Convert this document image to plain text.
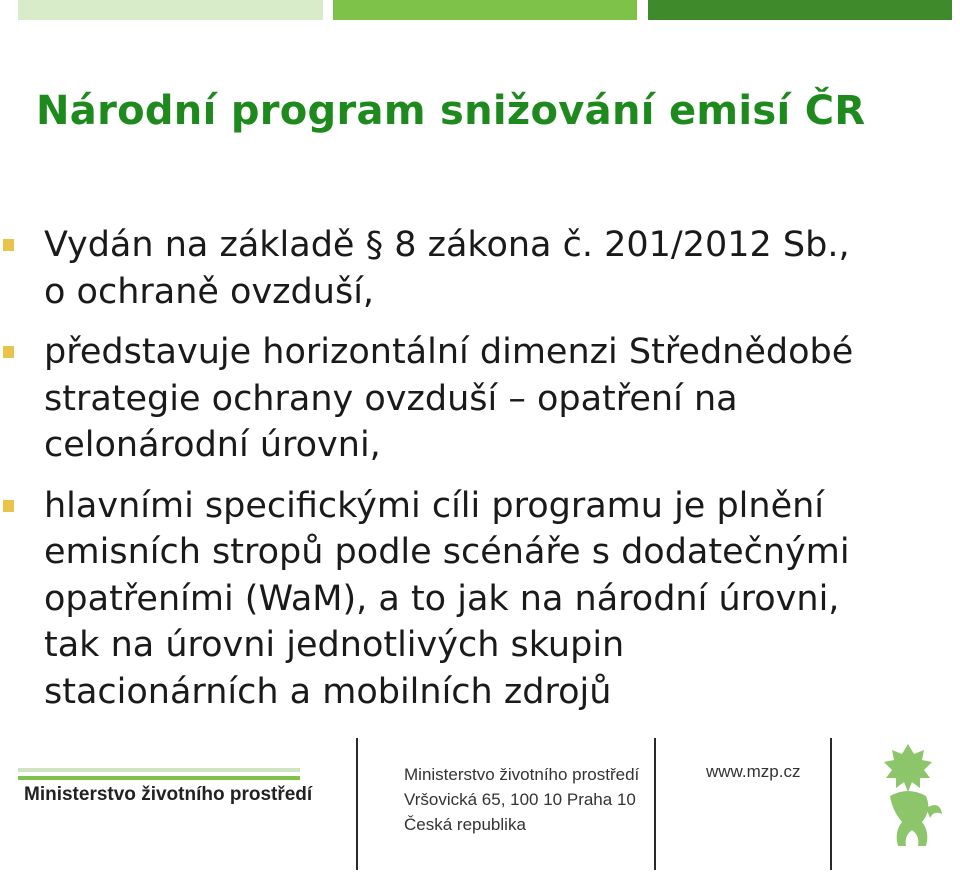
Národní program snižování emisí ČR
Vydán na základě § 8 zákona č. 201/2012 Sb.,
o ochraně ovzduší,
představuje horizontální dimenzi Střednědobé
strategie ochrany ovzduší – opatření na
celonárodní úrovni,
hlavními specifickými cíli programu je plnění
emisních stropů podle scénáře s dodatečnými
opatřeními (WaM), a to jak na národní úrovni,
tak na úrovni jednotlivých skupin
stacionárních a mobilních zdrojů
Ministerstvo životního prostředí
Ministerstvo životního prostředí
Vršovická 65, 100 10 Praha 10
Česká republika
www.mzp.cz
